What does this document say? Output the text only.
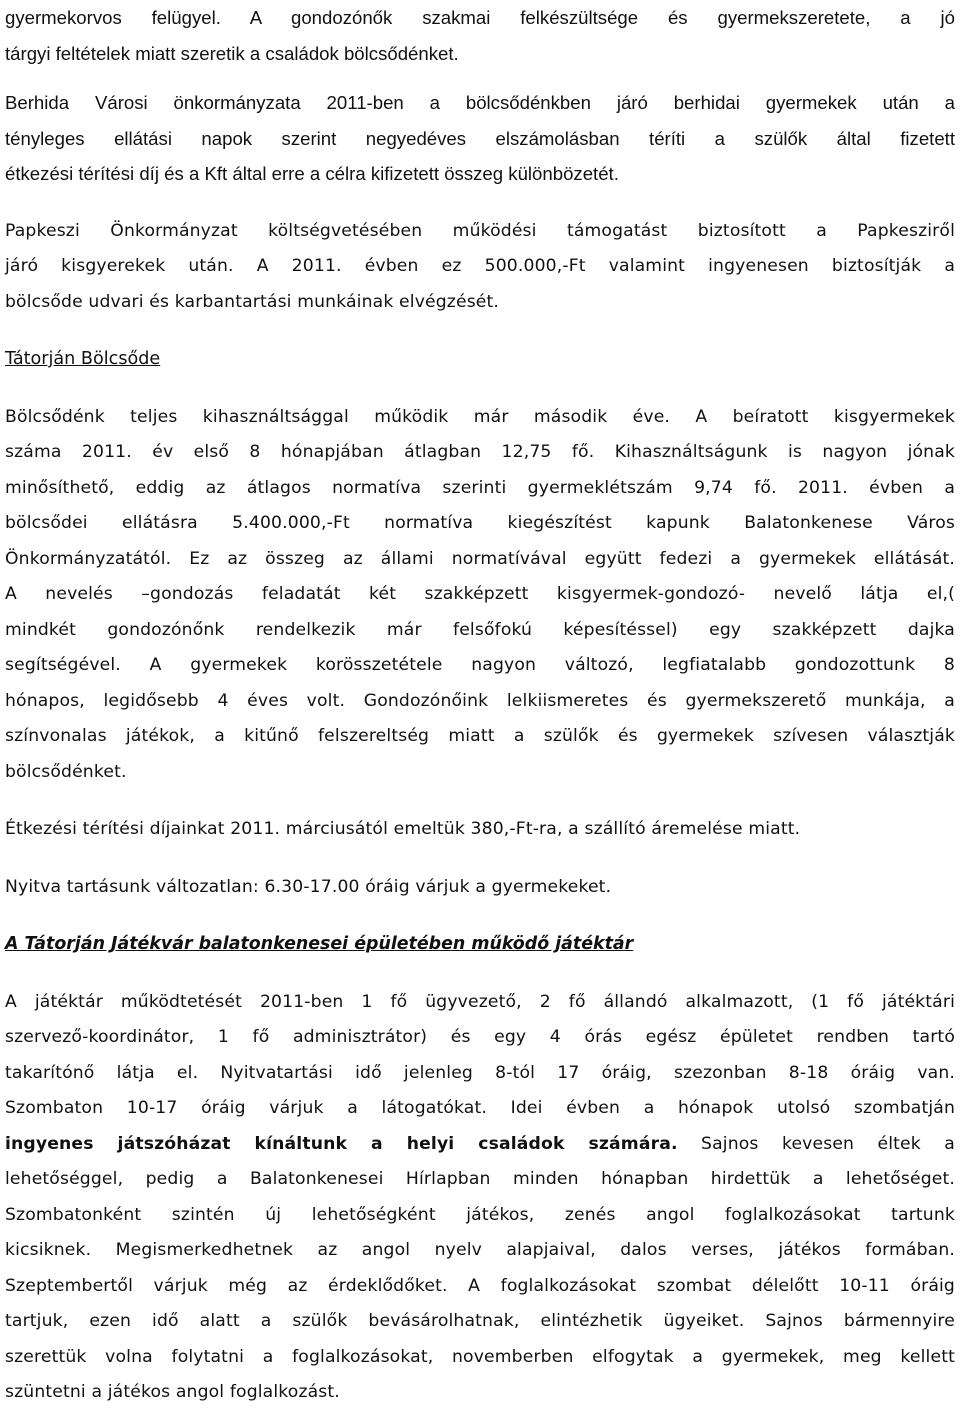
gyermekorvos felügyel. A gondozónők szakmai felkészültsége és gyermekszeretete, a jó
tárgyi feltételek miatt szeretik a családok bölcsődénket.

Berhida Városi önkormányzata 2011-ben a bölcsődénkben járó berhidai gyermekek után a
tényleges ellátási napok szerint negyedéves elszámolásban téríti a szülők által fizetett
étkezési térítési díj és a Kft által erre a célra kifizetett összeg különbözetét.

Papkeszi Önkormányzat költségvetésében működési támogatást biztosított a Papkesziről
járó kisgyerekek után. A 2011. évben ez 500.000,-Ft valamint ingyenesen biztosítják a
bölcsőde udvari és karbantartási munkáinak elvégzését.

Tátorján Bölcsőde

Bölcsődénk teljes kihasználtsággal működik már második éve. A beíratott kisgyermekek
száma 2011. év első 8 hónapjában átlagban 12,75 fő. Kihasználtságunk is nagyon jónak
minősíthető, eddig az átlagos normatíva szerinti gyermeklétszám 9,74 fő. 2011. évben a
bölcsődei ellátásra 5.400.000,-Ft normatíva kiegészítést kapunk Balatonkenese Város
Önkormányzatától. Ez az összeg az állami normatívával együtt fedezi a gyermekek ellátását.
A nevelés –gondozás feladatát két szakképzett kisgyermek-gondozó- nevelő látja el,(
mindkét gondozónőnk rendelkezik már felsőfokú képesítéssel) egy szakképzett dajka
segítségével. A gyermekek korösszetétele nagyon változó, legfiatalabb gondozottunk 8
hónapos, legidősebb 4 éves volt. Gondozónőink lelkiismeretes és gyermekszerető munkája, a
színvonalas játékok, a kitűnő felszereltség miatt a szülők és gyermekek szívesen választják
bölcsődénket.

Étkezési térítési díjainkat 2011. márciusától emeltük 380,-Ft-ra, a szállító áremelése miatt.

Nyitva tartásunk változatlan: 6.30-17.00 óráig várjuk a gyermekeket.

A Tátorján Játékvár balatonkenesei épületében működő játéktár

A játéktár működtetését 2011-ben 1 fő ügyvezető, 2 fő állandó alkalmazott, (1 fő játéktári
szervező-koordinátor, 1 fő adminisztrátor) és egy 4 órás egész épületet rendben tartó
takarítónő látja el. Nyitvatartási idő jelenleg 8-tól 17 óráig, szezonban 8-18 óráig van.
Szombaton 10-17 óráig várjuk a látogatókat. Idei évben a hónapok utolsó szombatján
ingyenes játszóházat kínáltunk a helyi családok számára. Sajnos kevesen éltek a
lehetőséggel, pedig a Balatonkenesei Hírlapban minden hónapban hirdettük a lehetőséget.
Szombatonként szintén új lehetőségként játékos, zenés angol foglalkozásokat tartunk
kicsiknek. Megismerkedhetnek az angol nyelv alapjaival, dalos verses, játékos formában.
Szeptembertől várjuk még az érdeklődőket. A foglalkozásokat szombat délelőtt 10-11 óráig
tartjuk, ezen idő alatt a szülők bevásárolhatnak, elintézhetik ügyeiket. Sajnos bármennyire
szerettük volna folytatni a foglalkozásokat, novemberben elfogytak a gyermekek, meg kellett
szüntetni a játékos angol foglalkozást.
